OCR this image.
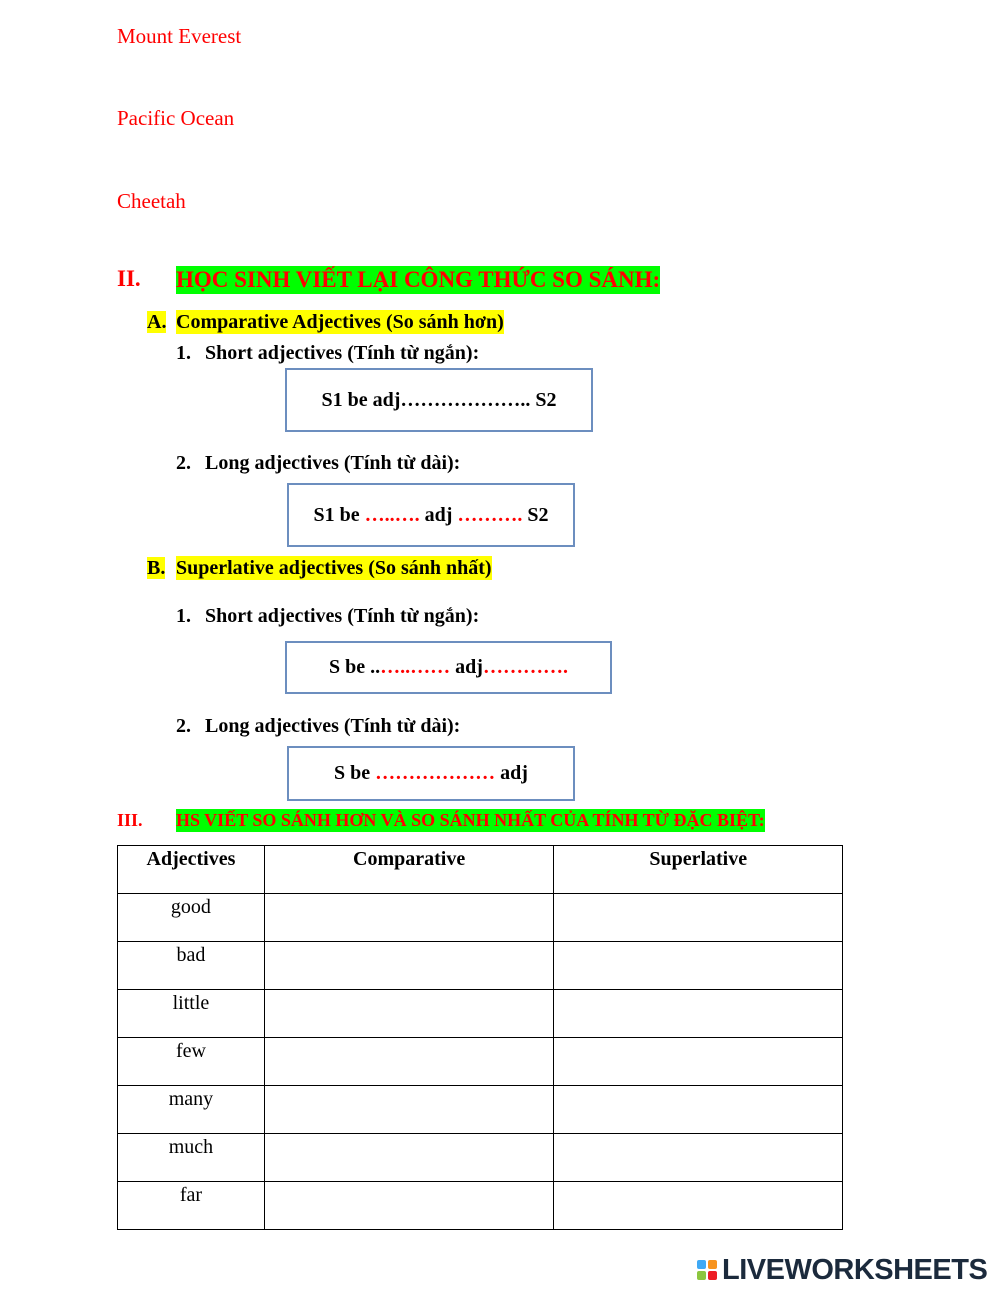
Mount Everest
Pacific Ocean
Cheetah
II. HỌC SINH VIẾT LẠI CÔNG THỨC SO SÁNH:
A. Comparative Adjectives (So sánh hơn)
1. Short adjectives (Tính từ ngắn):
S1 be adj……………….. S2
2. Long adjectives (Tính từ dài):
S1 be
…..….
adj
……….
S2
B. Superlative adjectives (So sánh nhất)
1. Short adjectives (Tính từ ngắn):
S be .. …..……
adj ………….
2. Long adjectives (Tính từ dài):
S be
………………
adj
III. HS VIẾT SO SÁNH HƠN VÀ SO SÁNH NHẤT CỦA TÍNH TỪ ĐẶC BIỆT:
Adjectives	Comparative	Superlative
good		
bad		
little		
few		
many		
much		
far		
LIVEWORKSHEETS
